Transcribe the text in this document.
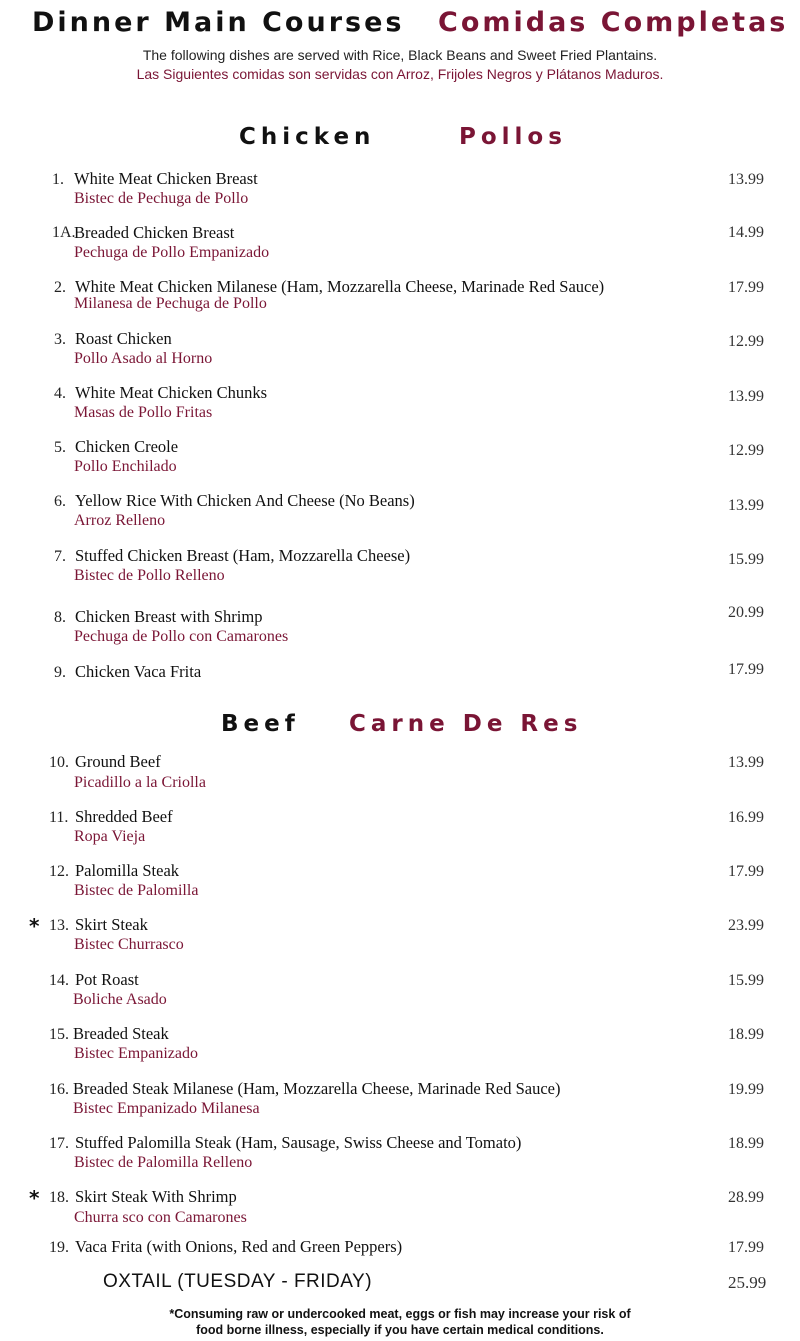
Dinner Main Courses Comidas Completas
The following dishes are served with Rice, Black Beans and Sweet Fried Plantains.
Las Siguientes comidas son servidas con Arroz, Frijoles Negros y Plátanos Maduros.
Chicken	Pollos
1. White Meat Chicken Breast
Bistec de Pechuga de Pollo
13.99
1A.
Breaded Chicken Breast
Pechuga de Pollo Empanizado
14.99
2. White Meat Chicken Milanese (Ham, Mozzarella Cheese, Marinade Red Sauce)
Milanesa de Pechuga de Pollo
17.99
3. Roast Chicken
Pollo Asado al Horno
12.99
4. White Meat Chicken Chunks
Masas de Pollo Fritas
13.99
5. Chicken Creole
Pollo Enchilado
12.99
6. Yellow Rice With Chicken And Cheese (No Beans)
Arroz Relleno
13.99
7. Stuffed Chicken Breast (Ham, Mozzarella Cheese)
Bistec de Pollo Relleno
15.99
8. Chicken Breast with Shrimp
Pechuga de Pollo con Camarones
20.99
9. Chicken Vaca Frita	17.99
Beef Carne De Res
10. Ground Beef
Picadillo a la Criolla
13.99
11. Shredded Beef
Ropa Vieja
16.99
12. Palomilla Steak
Bistec de Palomilla
17.99
* 13. Skirt Steak
Bistec Churrasco
23.99
14. Pot Roast
Boliche Asado
15.99
15. Breaded Steak
Bistec Empanizado
18.99
16. Breaded Steak Milanese (Ham, Mozzarella Cheese, Marinade Red Sauce)
Bistec Empanizado Milanesa
19.99
17. Stuffed Palomilla Steak (Ham, Sausage, Swiss Cheese and Tomato)
Bistec de Palomilla Relleno
18.99
* 18. Skirt Steak With Shrimp
Churra sco con Camarones
28.99
19. Vaca Frita (with Onions, Red and Green Peppers)	17.99
OXTAIL (TUESDAY - FRIDAY)	25.99
*Consuming raw or undercooked meat, eggs or fish may increase your risk of
food borne illness, especially if you have certain medical conditions.
